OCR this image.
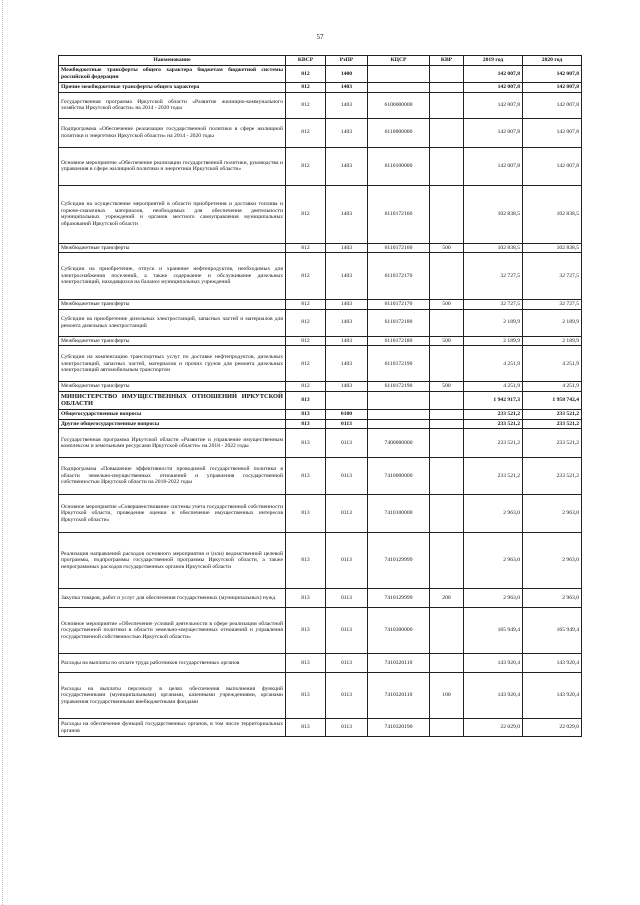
57
Наименование	КВСР	РзПР	КЦСР	КВР	2019 год	2020 год
Межбюджетные трансферты общего характера бюджетам бюджетной системы российской федерации	812	1400			142 007,8	142 007,8
Прочие межбюджетные трансферты общего характера	812	1403			142 007,8	142 007,8
Государственная программа Иркутской области «Развитие жилищно-коммунального хозяйства Иркутской области» на 2014 - 2020 годы	812	1403	6100000000		142 007,8	142 007,8
Подпрограмма «Обеспечение реализации государственной политики в сфере жилищной политики и энергетики Иркутской области» на 2014 - 2020 годы	812	1403	6110000000		142 007,8	142 007,8
Основное мероприятие «Обеспечение реализации государственной политики, руководства и управления в сфере жилищной политики и энергетики Иркутской области»	812	1403	6110100000		142 007,8	142 007,8
Субсидия на осуществление мероприятий в области приобретения и доставки топлива и горюче-смазочных материалов, необходимых для обеспечения деятельности муниципальных учреждений и органов местного самоуправления муниципальных образований Иркутской области	812	1403	6110172160		102 838,5	102 838,5
Межбюджетные трансферты	812	1403	6110172160	500	102 838,5	102 838,5
Субсидии на приобретение, отпуск и хранение нефтепродуктов, необходимых для электроснабжения поселений, а также содержание и обслуживание дизельных электростанций, находящихся на балансе муниципальных учреждений	812	1403	6110172170		32 727,5	32 727,5
Межбюджетные трансферты	812	1403	6110172170	500	32 727,5	32 727,5
Субсидии на приобретение дизельных электростанций, запасных частей и материалов для ремонта дизельных электростанций	812	1403	6110172180		2 189,9	2 189,9
Межбюджетные трансферты	812	1403	6110172180	500	2 189,9	2 189,9
Субсидии на компенсацию транспортных услуг по доставке нефтепродуктов, дизельных электростанций, запасных частей, материалов и прочих грузов для ремонта дизельных электростанций автомобильным транспортом	812	1403	6110172190		4 251,9	4 251,9
Межбюджетные трансферты	812	1403	6110172190	500	4 251,9	4 251,9
МИНИСТЕРСТВО ИМУЩЕСТВЕННЫХ ОТНОШЕНИЙ ИРКУТСКОЙ ОБЛАСТИ	813				1 942 917,3	1 958 742,4
Общегосударственные вопросы	813	0100			233 521,2	233 521,2
Другие общегосударственные вопросы	813	0113			233 521,2	233 521,2
Государственная программа Иркутской области «Развитие и управление имущественным комплексом и земельными ресурсами Иркутской области» на 2018 - 2022 годы	813	0113	7400000000		233 521,2	233 521,2
Подпрограмма «Повышение эффективности проводимой государственной политики в области земельно-имущественных отношений и управления государственной собственностью Иркутской области на 2018-2022 годы	813	0113	7410000000		233 521,2	233 521,2
Основное мероприятие «Совершенствование системы учета государственной собственности Иркутской области, проведение оценки и обеспечение имущественных интересов Иркутской области»	813	0113	7410100000		2 963,0	2 963,0
Реализация направлений расходов основного мероприятия и (или) ведомственной целевой программы, подпрограммы государственной программы Иркутской области, а также непрограммных расходов государственных органов Иркутской области	813	0113	7410129999		2 963,0	2 963,0
Закупка товаров, работ и услуг для обеспечения государственных (муниципальных) нужд	813	0113	7410129999	200	2 963,0	2 963,0
Основное мероприятие «Обеспечение условий деятельности в сфере реализации областной государственной политики в области земельно-имущественных отношений и управления государственной собственностью Иркутской области»	813	0113	7410300000		165 949,4	165 949,4
Расходы на выплаты по оплате труда работников государственных органов	813	0113	7410320110		143 920,4	143 920,4
Расходы на выплаты персоналу в целях обеспечения выполнения функций государственными (муниципальными) органами, казенными учреждениями, органами управления государственными внебюджетными фондами	813	0113	7410320110	100	143 920,4	143 920,4
Расходы на обеспечение функций государственных органов, в том числе территориальных органов	813	0113	7410320190		22 029,0	22 029,0
